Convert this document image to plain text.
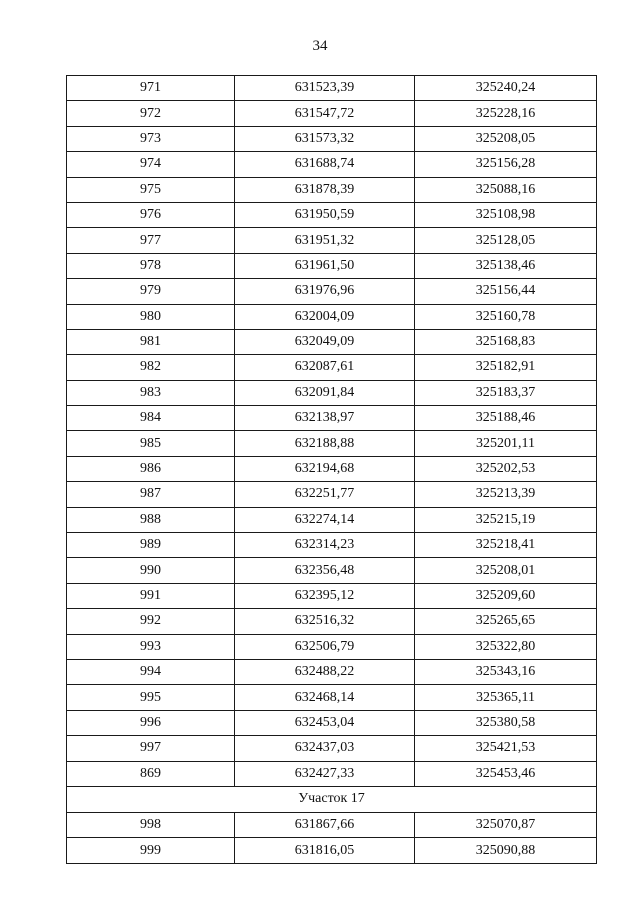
34
971	631523,39	325240,24
972	631547,72	325228,16
973	631573,32	325208,05
974	631688,74	325156,28
975	631878,39	325088,16
976	631950,59	325108,98
977	631951,32	325128,05
978	631961,50	325138,46
979	631976,96	325156,44
980	632004,09	325160,78
981	632049,09	325168,83
982	632087,61	325182,91
983	632091,84	325183,37
984	632138,97	325188,46
985	632188,88	325201,11
986	632194,68	325202,53
987	632251,77	325213,39
988	632274,14	325215,19
989	632314,23	325218,41
990	632356,48	325208,01
991	632395,12	325209,60
992	632516,32	325265,65
993	632506,79	325322,80
994	632488,22	325343,16
995	632468,14	325365,11
996	632453,04	325380,58
997	632437,03	325421,53
869	632427,33	325453,46
Участок 17		
998	631867,66	325070,87
999	631816,05	325090,88
